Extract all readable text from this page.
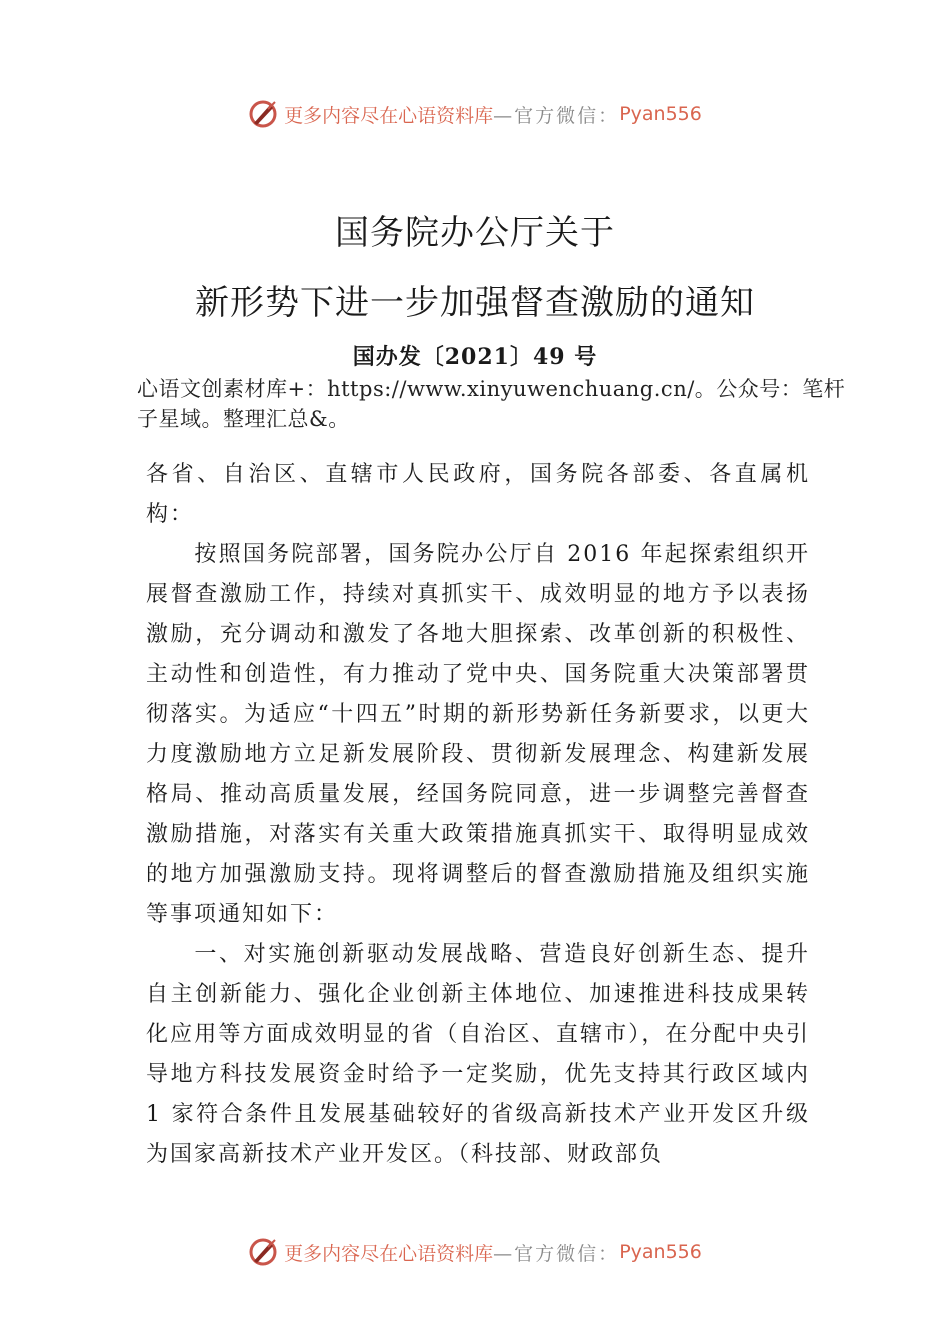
更多内容尽在心语资料库 —官方微信： Pyan556
国务院办公厅关于
新形势下进一步加强督查激励的通知
国办发〔2021〕49 号
心语文创素材库+：https://www.xinyuwenchuang.cn/。公众号：笔杆子星域。整理汇总&。

各省、自治区、直辖市人民政府，国务院各部委、各直属机构：

按照国务院部署，国务院办公厅自 2016 年起探索组织开展督查激励工作，持续对真抓实干、成效明显的地方予以表扬激励，充分调动和激发了各地大胆探索、改革创新的积极性、主动性和创造性，有力推动了党中央、国务院重大决策部署贯彻落实。为适应“十四五”时期的新形势新任务新要求，以更大力度激励地方立足新发展阶段、贯彻新发展理念、构建新发展格局、推动高质量发展，经国务院同意，进一步调整完善督查激励措施，对落实有关重大政策措施真抓实干、取得明显成效的地方加强激励支持。现将调整后的督查激励措施及组织实施等事项通知如下：

一、对实施创新驱动发展战略、营造良好创新生态、提升自主创新能力、强化企业创新主体地位、加速推进科技成果转化应用等方面成效明显的省（自治区、直辖市），在分配中央引导地方科技发展资金时给予一定奖励，优先支持其行政区域内 1 家符合条件且发展基础较好的省级高新技术产业开发区升级为国家高新技术产业开发区。（科技部、财政部负

更多内容尽在心语资料库 —官方微信： Pyan556
